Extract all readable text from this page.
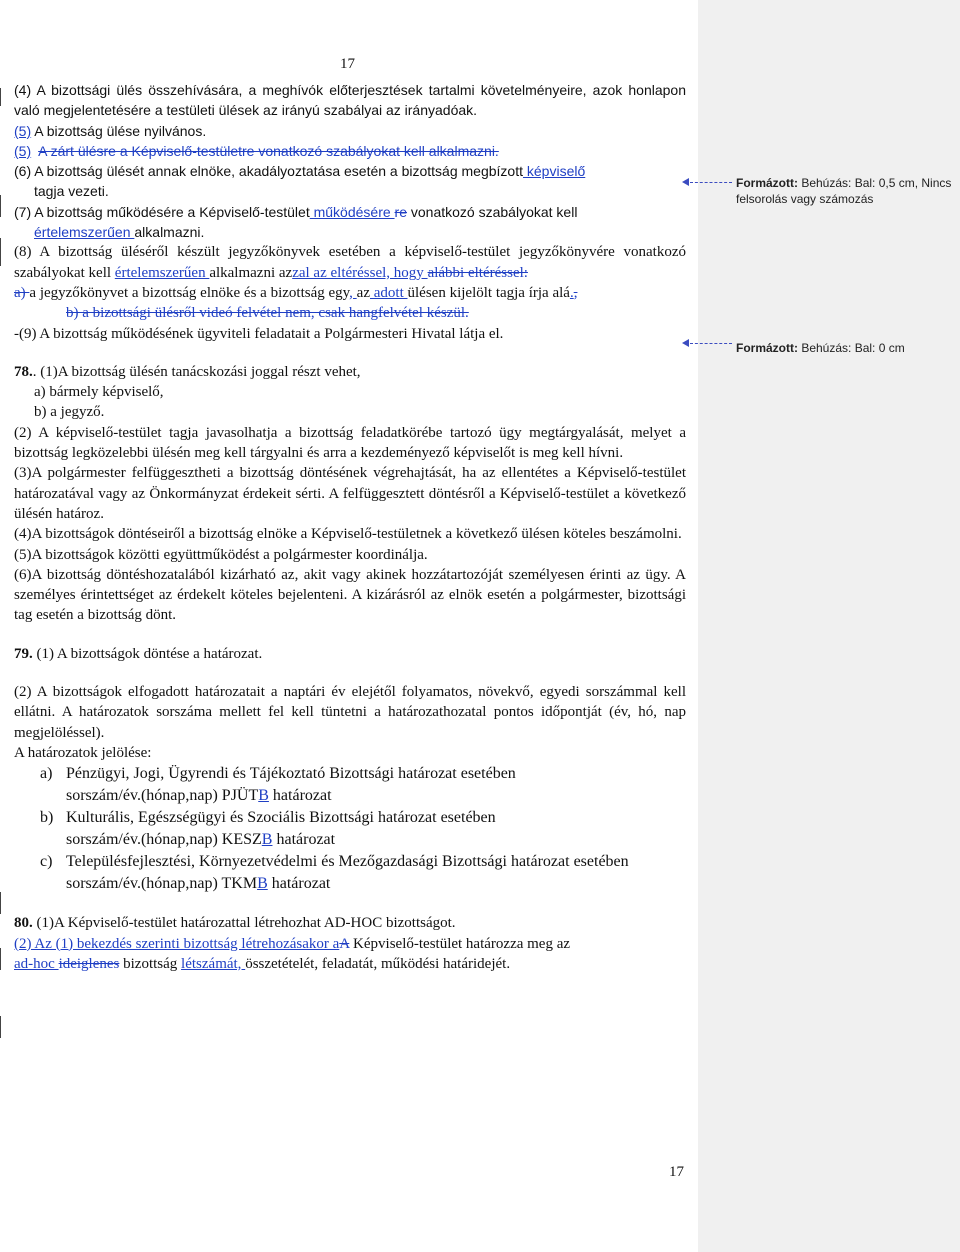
17

(4) A bizottsági ülés összehívására, a meghívók előterjesztések tartalmi követelményeire, azok honlapon való megjelentetésére a testületi ülések az irányú szabályai az irányadóak.

(5) A bizottság ülése nyilvános.

(5) A zárt ülésre a Képviselő-testületre vonatkozó szabályokat kell alkalmazni.

(6) A bizottság ülését annak elnöke, akadályoztatása esetén a bizottság megbízott képviselő
tagja vezeti.

(7) A bizottság működésére a Képviselő-testület működésére re vonatkozó szabályokat kell
értelemszerűen alkalmazni.

(8) A bizottság üléséről készült jegyzőkönyvek esetében a képviselő-testület jegyzőkönyvére vonatkozó szabályokat kell értelemszerűen alkalmazni azzal az eltéréssel, hogy alábbi eltéréssel:
a) a jegyzőkönyvet a bizottság elnöke és a bizottság egy, az adott ülésen kijelölt tagja írja alá.,

b) a bizottsági ülésről videó felvétel nem, csak hangfelvétel készül.

-(9) A bizottság működésének ügyviteli feladatait a Polgármesteri Hivatal látja el.

78.. (1)A bizottság ülésén tanácskozási joggal részt vehet,

a) bármely képviselő,

b) a jegyző.

(2) A képviselő-testület tagja javasolhatja a bizottság feladatkörébe tartozó ügy megtárgyalását, melyet a bizottság legközelebbi ülésén meg kell tárgyalni és arra a kezdeményező képviselőt is meg kell hívni.

(3)A polgármester felfüggesztheti a bizottság döntésének végrehajtását, ha az ellentétes a Képviselő-testület határozatával vagy az Önkormányzat érdekeit sérti. A felfüggesztett döntésről a Képviselő-testület a következő ülésén határoz.

(4)A bizottságok döntéseiről a bizottság elnöke a Képviselő-testületnek a következő ülésen köteles beszámolni.

(5)A bizottságok közötti együttműködést a polgármester koordinálja.

(6)A bizottság döntéshozatalából kizárható az, akit vagy akinek hozzátartozóját személyesen érinti az ügy. A személyes érintettséget az érdekelt köteles bejelenteni. A kizárásról az elnök esetén a polgármester, bizottsági tag esetén a bizottság dönt.

79. (1) A bizottságok döntése a határozat.

(2) A bizottságok elfogadott határozatait a naptári év elejétől folyamatos, növekvő, egyedi sorszámmal kell ellátni. A határozatok sorszáma mellett fel kell tüntetni a határozathozatal pontos időpontját (év, hó, nap megjelöléssel).

A határozatok jelölése:

a) Pénzügyi, Jogi, Ügyrendi és Tájékoztató Bizottsági határozat esetében
sorszám/év.(hónap,nap) PJÜTB határozat
b) Kulturális, Egészségügyi és Szociális Bizottsági határozat esetében
sorszám/év.(hónap,nap) KESZB határozat
c) Településfejlesztési, Környezetvédelmi és Mezőgazdasági Bizottsági határozat esetében
sorszám/év.(hónap,nap) TKMB határozat

80. (1)A Képviselő-testület határozattal létrehozhat AD-HOC bizottságot.

(2) Az (1) bekezdés szerinti bizottság létrehozásakor aA Képviselő-testület határozza meg az
ad-hoc ideiglenes bizottság létszámát, összetételét, feladatát, működési határidejét.

17
Formázott: Behúzás: Bal: 0,5 cm, Nincs felsorolás vagy számozás
Formázott: Behúzás: Bal: 0 cm
